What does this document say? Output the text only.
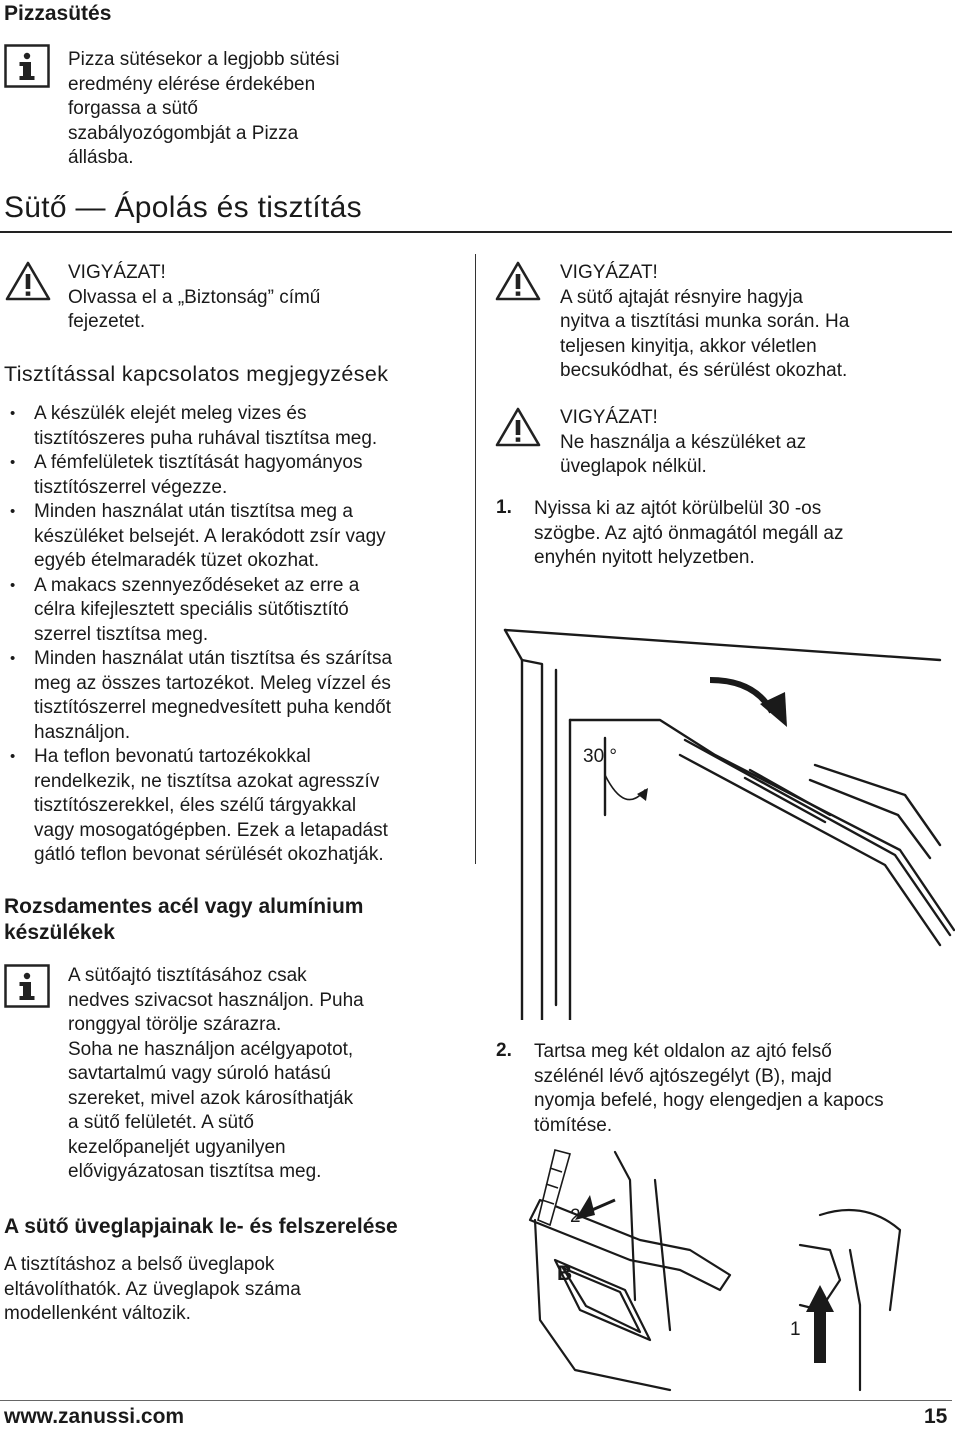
Pizzasütés
Pizza sütésekor a legjobb sütési
eredmény elérése érdekében
forgassa a sütő
szabályozógombját a Pizza
állásba.
Sütő — Ápolás és tisztítás
VIGYÁZAT!
Olvassa el a „Biztonság” című
fejezetet.
Tisztítással kapcsolatos megjegyzések
• A készülék elejét meleg vizes és
tisztítószeres puha ruhával tisztítsa meg.
• A fémfelületek tisztítását hagyományos
tisztítószerrel végezze.
• Minden használat után tisztítsa meg a
készüléket belsejét. A lerakódott zsír vagy
egyéb ételmaradék tüzet okozhat.
• A makacs szennyeződéseket az erre a
célra kifejlesztett speciális sütőtisztító
szerrel tisztítsa meg.
• Minden használat után tisztítsa és szárítsa
meg az összes tartozékot. Meleg vízzel és
tisztítószerrel megnedvesített puha kendőt
használjon.
• Ha teflon bevonatú tartozékokkal
rendelkezik, ne tisztítsa azokat agresszív
tisztítószerekkel, éles szélű tárgyakkal
vagy mosogatógépben. Ezek a letapadást
gátló teflon bevonat sérülését okozhatják.
Rozsdamentes acél vagy alumínium
készülékek
A sütőajtó tisztításához csak
nedves szivacsot használjon. Puha
ronggyal törölje szárazra.
Soha ne használjon acélgyapotot,
savtartalmú vagy súroló hatású
szereket, mivel azok károsíthatják
a sütő felületét. A sütő
kezelőpaneljét ugyanilyen
elővigyázatosan tisztítsa meg.
A sütő üveglapjainak le- és felszerelése
A tisztításhoz a belső üveglapok
eltávolíthatók. Az üveglapok száma
modellenként változik.
VIGYÁZAT!
A sütő ajtaját résnyire hagyja
nyitva a tisztítási munka során. Ha
teljesen kinyitja, akkor véletlen
becsukódhat, és sérülést okozhat.
VIGYÁZAT!
Ne használja a készüléket az
üveglapok nélkül.
1. Nyissa ki az ajtót körülbelül 30 -os
szögbe. Az ajtó önmagától megáll az
enyhén nyitott helyzetben.
30 °
2. Tartsa meg két oldalon az ajtó felső
szélénél lévő ajtószegélyt (B), majd
nyomja befelé, hogy elengedjen a kapocs
tömítése.
2
B
1
www.zanussi.com	15
